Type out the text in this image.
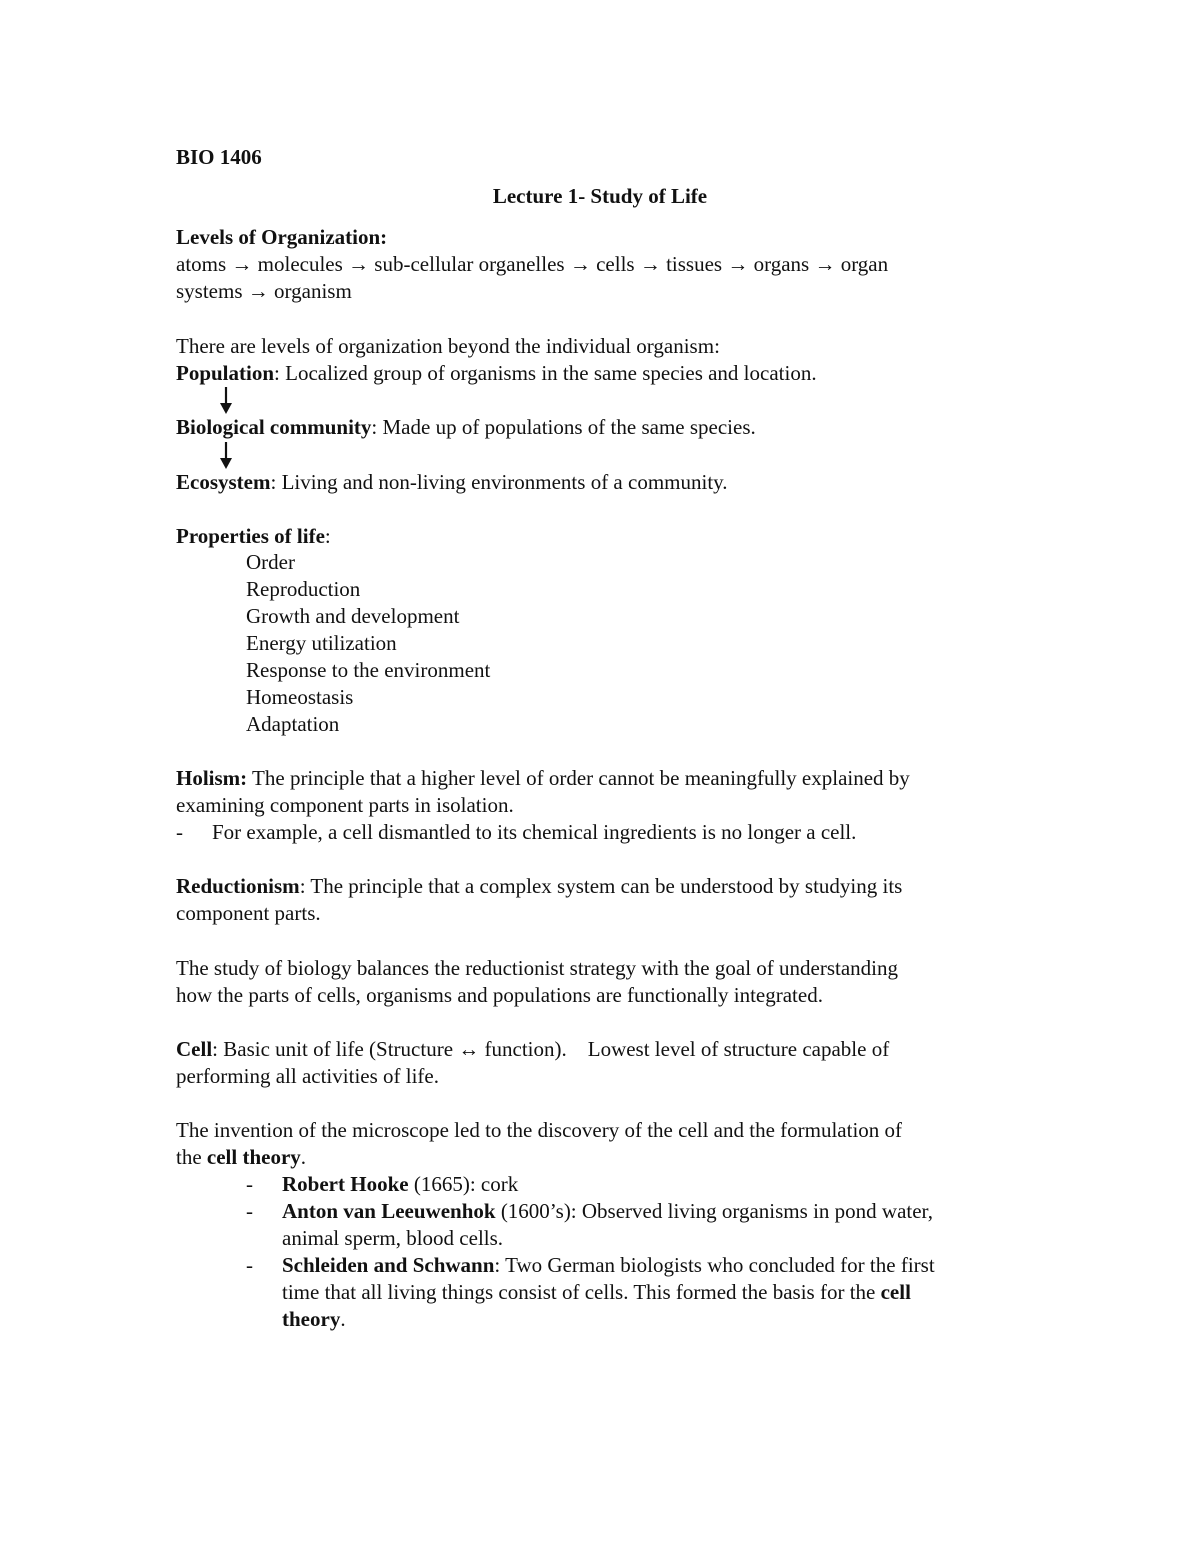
BIO 1406

Lecture 1- Study of Life

Levels of Organization:

atoms → molecules → sub-cellular organelles → cells → tissues → organs → organ

systems → organism

There are levels of organization beyond the individual organism:

Population: Localized group of organisms in the same species and location.

Biological community: Made up of populations of the same species.

Ecosystem: Living and non-living environments of a community.

Properties of life:

Order

Reproduction

Growth and development

Energy utilization

Response to the environment

Homeostasis

Adaptation

Holism: The principle that a higher level of order cannot be meaningfully explained by

examining component parts in isolation.

- For example, a cell dismantled to its chemical ingredients is no longer a cell.

Reductionism: The principle that a complex system can be understood by studying its

component parts.

The study of biology balances the reductionist strategy with the goal of understanding

how the parts of cells, organisms and populations are functionally integrated.

Cell: Basic unit of life (Structure ↔ function).    Lowest level of structure capable of

performing all activities of life.

The invention of the microscope led to the discovery of the cell and the formulation of

the cell theory.

- Robert Hooke (1665): cork

- Anton van Leeuwenhok (1600’s): Observed living organisms in pond water,

animal sperm, blood cells.

- Schleiden and Schwann: Two German biologists who concluded for the first

time that all living things consist of cells. This formed the basis for the cell

theory.
